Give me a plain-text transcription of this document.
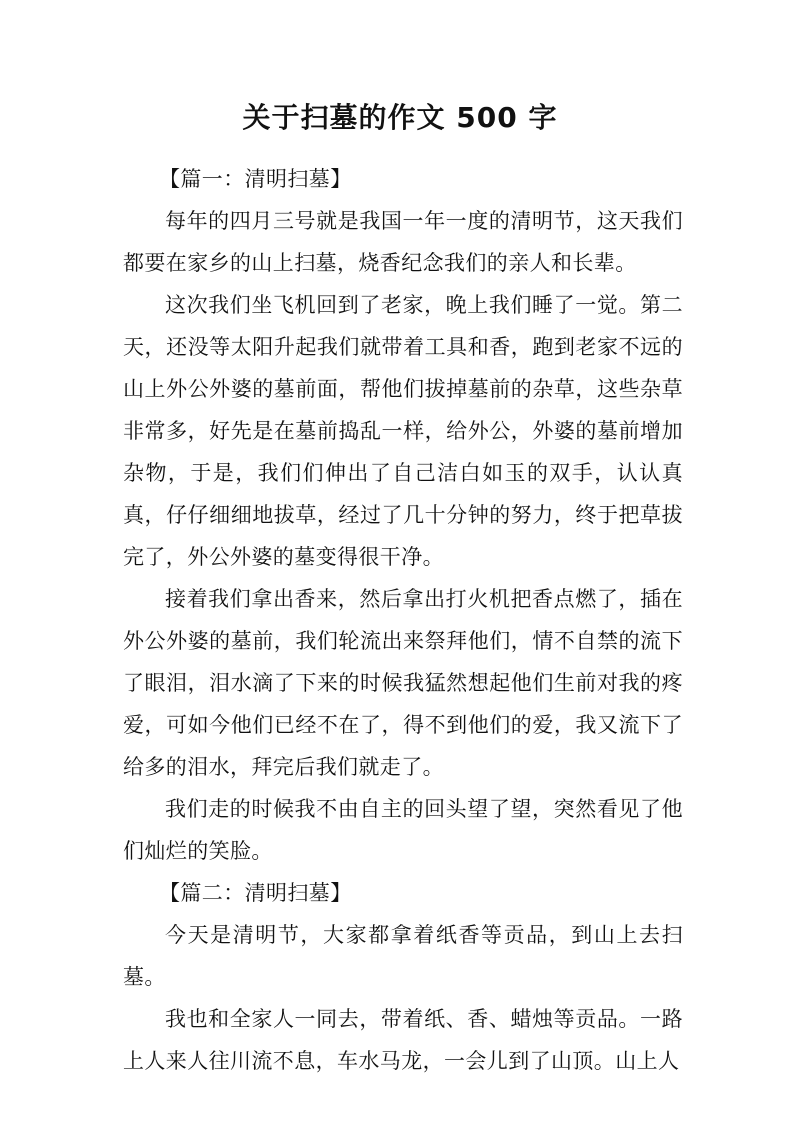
关于扫墓的作文 500 字
【篇一：清明扫墓】

每年的四月三号就是我国一年一度的清明节，这天我们都要在家乡的山上扫墓，烧香纪念我们的亲人和长辈。

这次我们坐飞机回到了老家，晚上我们睡了一觉。第二天，还没等太阳升起我们就带着工具和香，跑到老家不远的山上外公外婆的墓前面，帮他们拔掉墓前的杂草，这些杂草非常多，好先是在墓前捣乱一样，给外公，外婆的墓前增加杂物，于是，我们们伸出了自己洁白如玉的双手，认认真真，仔仔细细地拔草，经过了几十分钟的努力，终于把草拔完了，外公外婆的墓变得很干净。

接着我们拿出香来，然后拿出打火机把香点燃了，插在外公外婆的墓前，我们轮流出来祭拜他们，情不自禁的流下了眼泪，泪水滴了下来的时候我猛然想起他们生前对我的疼爱，可如今他们已经不在了，得不到他们的爱，我又流下了给多的泪水，拜完后我们就走了。

我们走的时候我不由自主的回头望了望，突然看见了他们灿烂的笑脸。

【篇二：清明扫墓】

今天是清明节，大家都拿着纸香等贡品，到山上去扫墓。

我也和全家人一同去，带着纸、香、蜡烛等贡品。一路上人来人往川流不息，车水马龙，一会儿到了山顶。山上人
